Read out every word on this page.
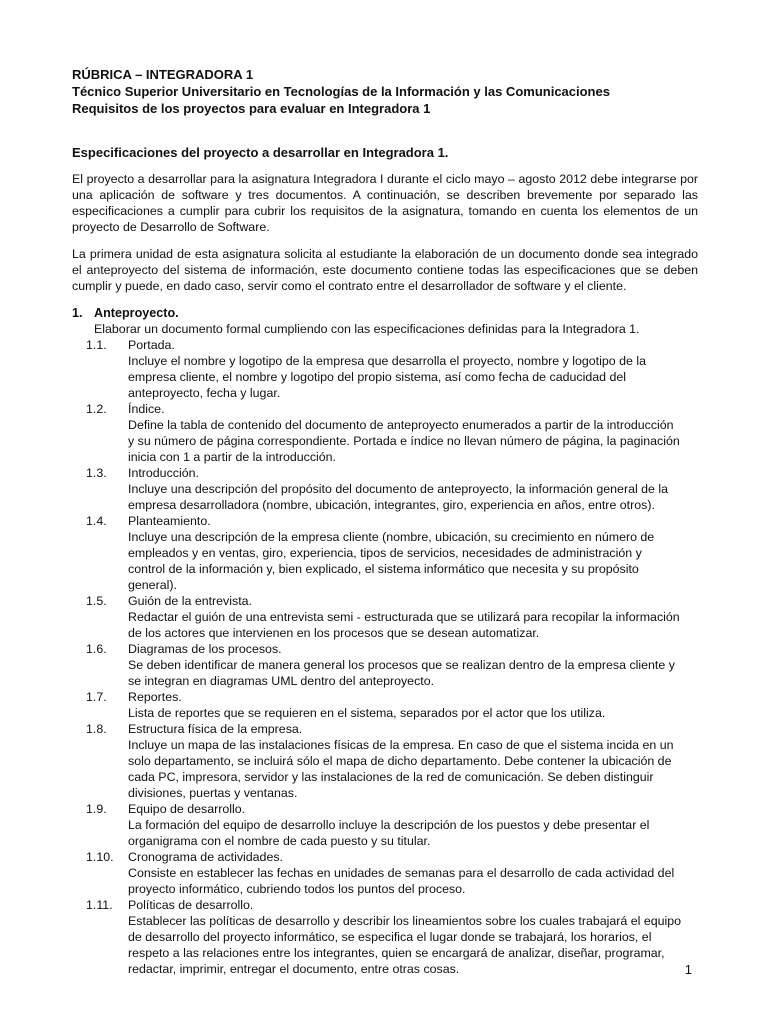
RÚBRICA – INTEGRADORA 1
Técnico Superior Universitario en Tecnologías de la Información y las Comunicaciones
Requisitos de los proyectos para evaluar en Integradora 1
Especificaciones del proyecto a desarrollar en Integradora 1.
El proyecto a desarrollar para la asignatura Integradora I durante el ciclo mayo – agosto 2012 debe integrarse por una aplicación de software y tres documentos. A continuación, se describen brevemente por separado las especificaciones a cumplir para cubrir los requisitos de la asignatura, tomando en cuenta los elementos de un proyecto de Desarrollo de Software.
La primera unidad de esta asignatura solicita al estudiante la elaboración de un documento donde sea integrado el anteproyecto del sistema de información, este documento contiene todas las especificaciones que se deben cumplir y puede, en dado caso, servir como el contrato entre el desarrollador de software y el cliente.
1. Anteproyecto.
Elaborar un documento formal cumpliendo con las especificaciones definidas para la Integradora 1.
1.1.	Portada.
Incluye el nombre y logotipo de la empresa que desarrolla el proyecto, nombre y logotipo de la empresa cliente, el nombre y logotipo del propio sistema, así como fecha de caducidad del anteproyecto, fecha y lugar.
1.2.	Índice.
Define la tabla de contenido del documento de anteproyecto enumerados a partir de la introducción y su número de página correspondiente. Portada e índice no llevan número de página, la paginación inicia con 1 a partir de la introducción.
1.3.	Introducción.
Incluye una descripción del propósito del documento de anteproyecto, la información general de la empresa desarrolladora (nombre, ubicación, integrantes, giro, experiencia en años, entre otros).
1.4.	Planteamiento.
Incluye una descripción de la empresa cliente (nombre, ubicación, su crecimiento en número de empleados y en ventas, giro, experiencia, tipos de servicios, necesidades de administración y control de la información y, bien explicado, el sistema informático que necesita y su propósito general).
1.5.	Guión de la entrevista.
Redactar el guión de una entrevista semi - estructurada que se utilizará para recopilar la información de los actores que intervienen en los procesos que se desean automatizar.
1.6.	Diagramas de los procesos.
Se deben identificar de manera general los procesos que se realizan dentro de la empresa cliente y se integran en diagramas UML dentro del anteproyecto.
1.7.	Reportes.
Lista de reportes que se requieren en el sistema, separados por el actor que los utiliza.
1.8.	Estructura física de la empresa.
Incluye un mapa de las instalaciones físicas de la empresa. En caso de que el sistema incida en un solo departamento, se incluirá sólo el mapa de dicho departamento. Debe contener la ubicación de cada PC, impresora, servidor y las instalaciones de la red de comunicación. Se deben distinguir divisiones, puertas y ventanas.
1.9.	Equipo de desarrollo.
La formación del equipo de desarrollo incluye la descripción de los puestos y debe presentar el organigrama con el nombre de cada puesto y su titular.
1.10.	Cronograma de actividades.
Consiste en establecer las fechas en unidades de semanas para el desarrollo de cada actividad del proyecto informático, cubriendo todos los puntos del proceso.
1.11.	Políticas de desarrollo.
Establecer las políticas de desarrollo y describir los lineamientos sobre los cuales trabajará el equipo de desarrollo del proyecto informático, se especifica el lugar donde se trabajará, los horarios, el respeto a las relaciones entre los integrantes, quien se encargará de analizar, diseñar, programar, redactar, imprimir, entregar el documento, entre otras cosas.	1
